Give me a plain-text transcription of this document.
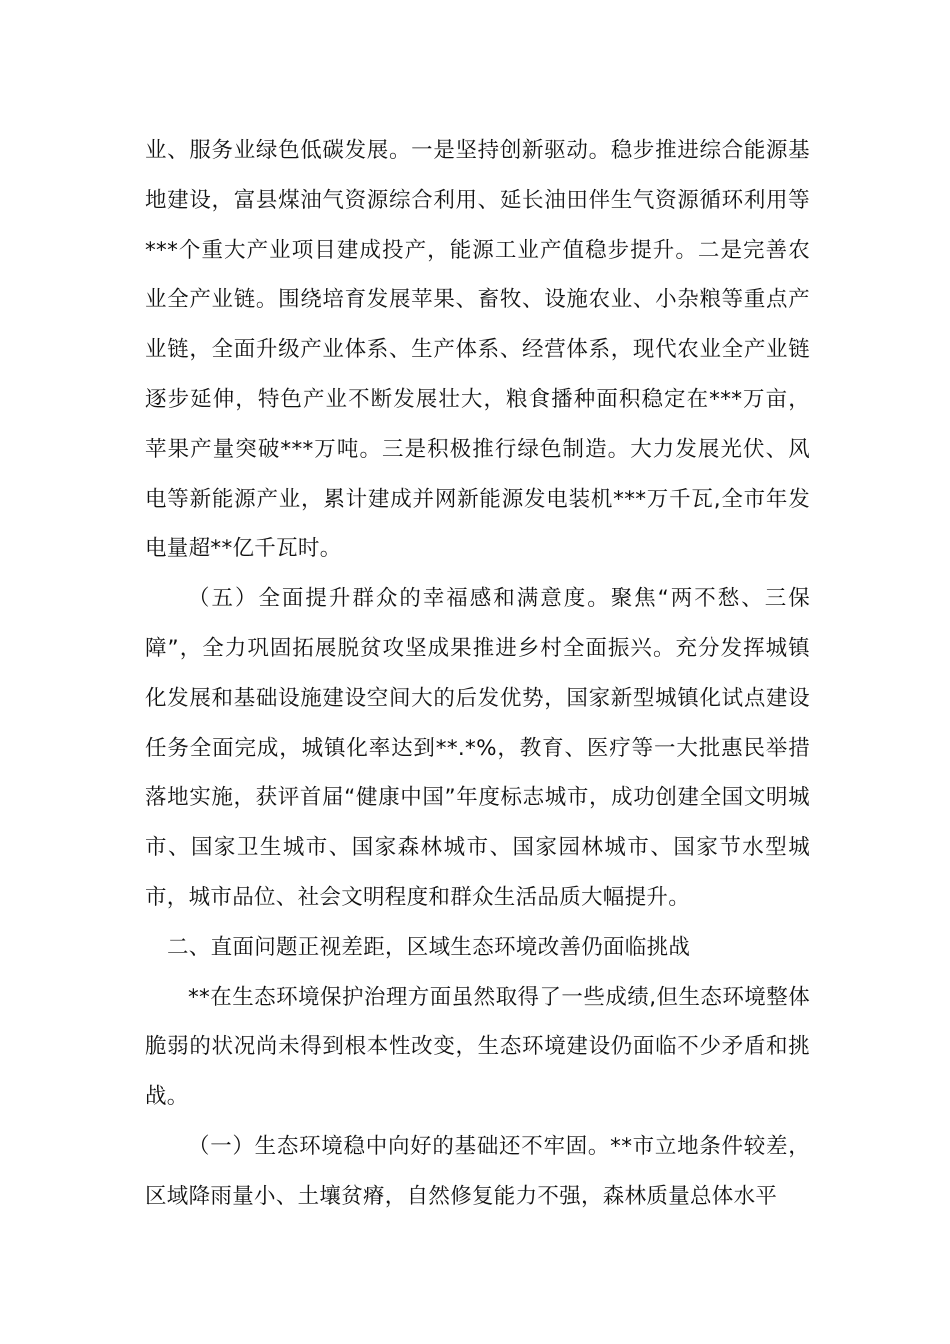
业、服务业绿色低碳发展。一是坚持创新驱动。稳步推进综合能源基地建设，富县煤油气资源综合利用、延长油田伴生气资源循环利用等***个重大产业项目建成投产，能源工业产值稳步提升。二是完善农业全产业链。围绕培育发展苹果、畜牧、设施农业、小杂粮等重点产业链，全面升级产业体系、生产体系、经营体系，现代农业全产业链逐步延伸，特色产业不断发展壮大，粮食播种面积稳定在***万亩，苹果产量突破***万吨。三是积极推行绿色制造。大力发展光伏、风电等新能源产业，累计建成并网新能源发电装机***万千瓦,全市年发电量超**亿千瓦时。

（五）全面提升群众的幸福感和满意度。聚焦“两不愁、三保障”，全力巩固拓展脱贫攻坚成果推进乡村全面振兴。充分发挥城镇化发展和基础设施建设空间大的后发优势，国家新型城镇化试点建设任务全面完成，城镇化率达到**.*%，教育、医疗等一大批惠民举措落地实施，获评首届“健康中国”年度标志城市，成功创建全国文明城市、国家卫生城市、国家森林城市、国家园林城市、国家节水型城市，城市品位、社会文明程度和群众生活品质大幅提升。

二、直面问题正视差距，区域生态环境改善仍面临挑战

**在生态环境保护治理方面虽然取得了一些成绩,但生态环境整体脆弱的状况尚未得到根本性改变，生态环境建设仍面临不少矛盾和挑战。

（一）生态环境稳中向好的基础还不牢固。**市立地条件较差，区域降雨量小、土壤贫瘠，自然修复能力不强，森林质量总体水平
